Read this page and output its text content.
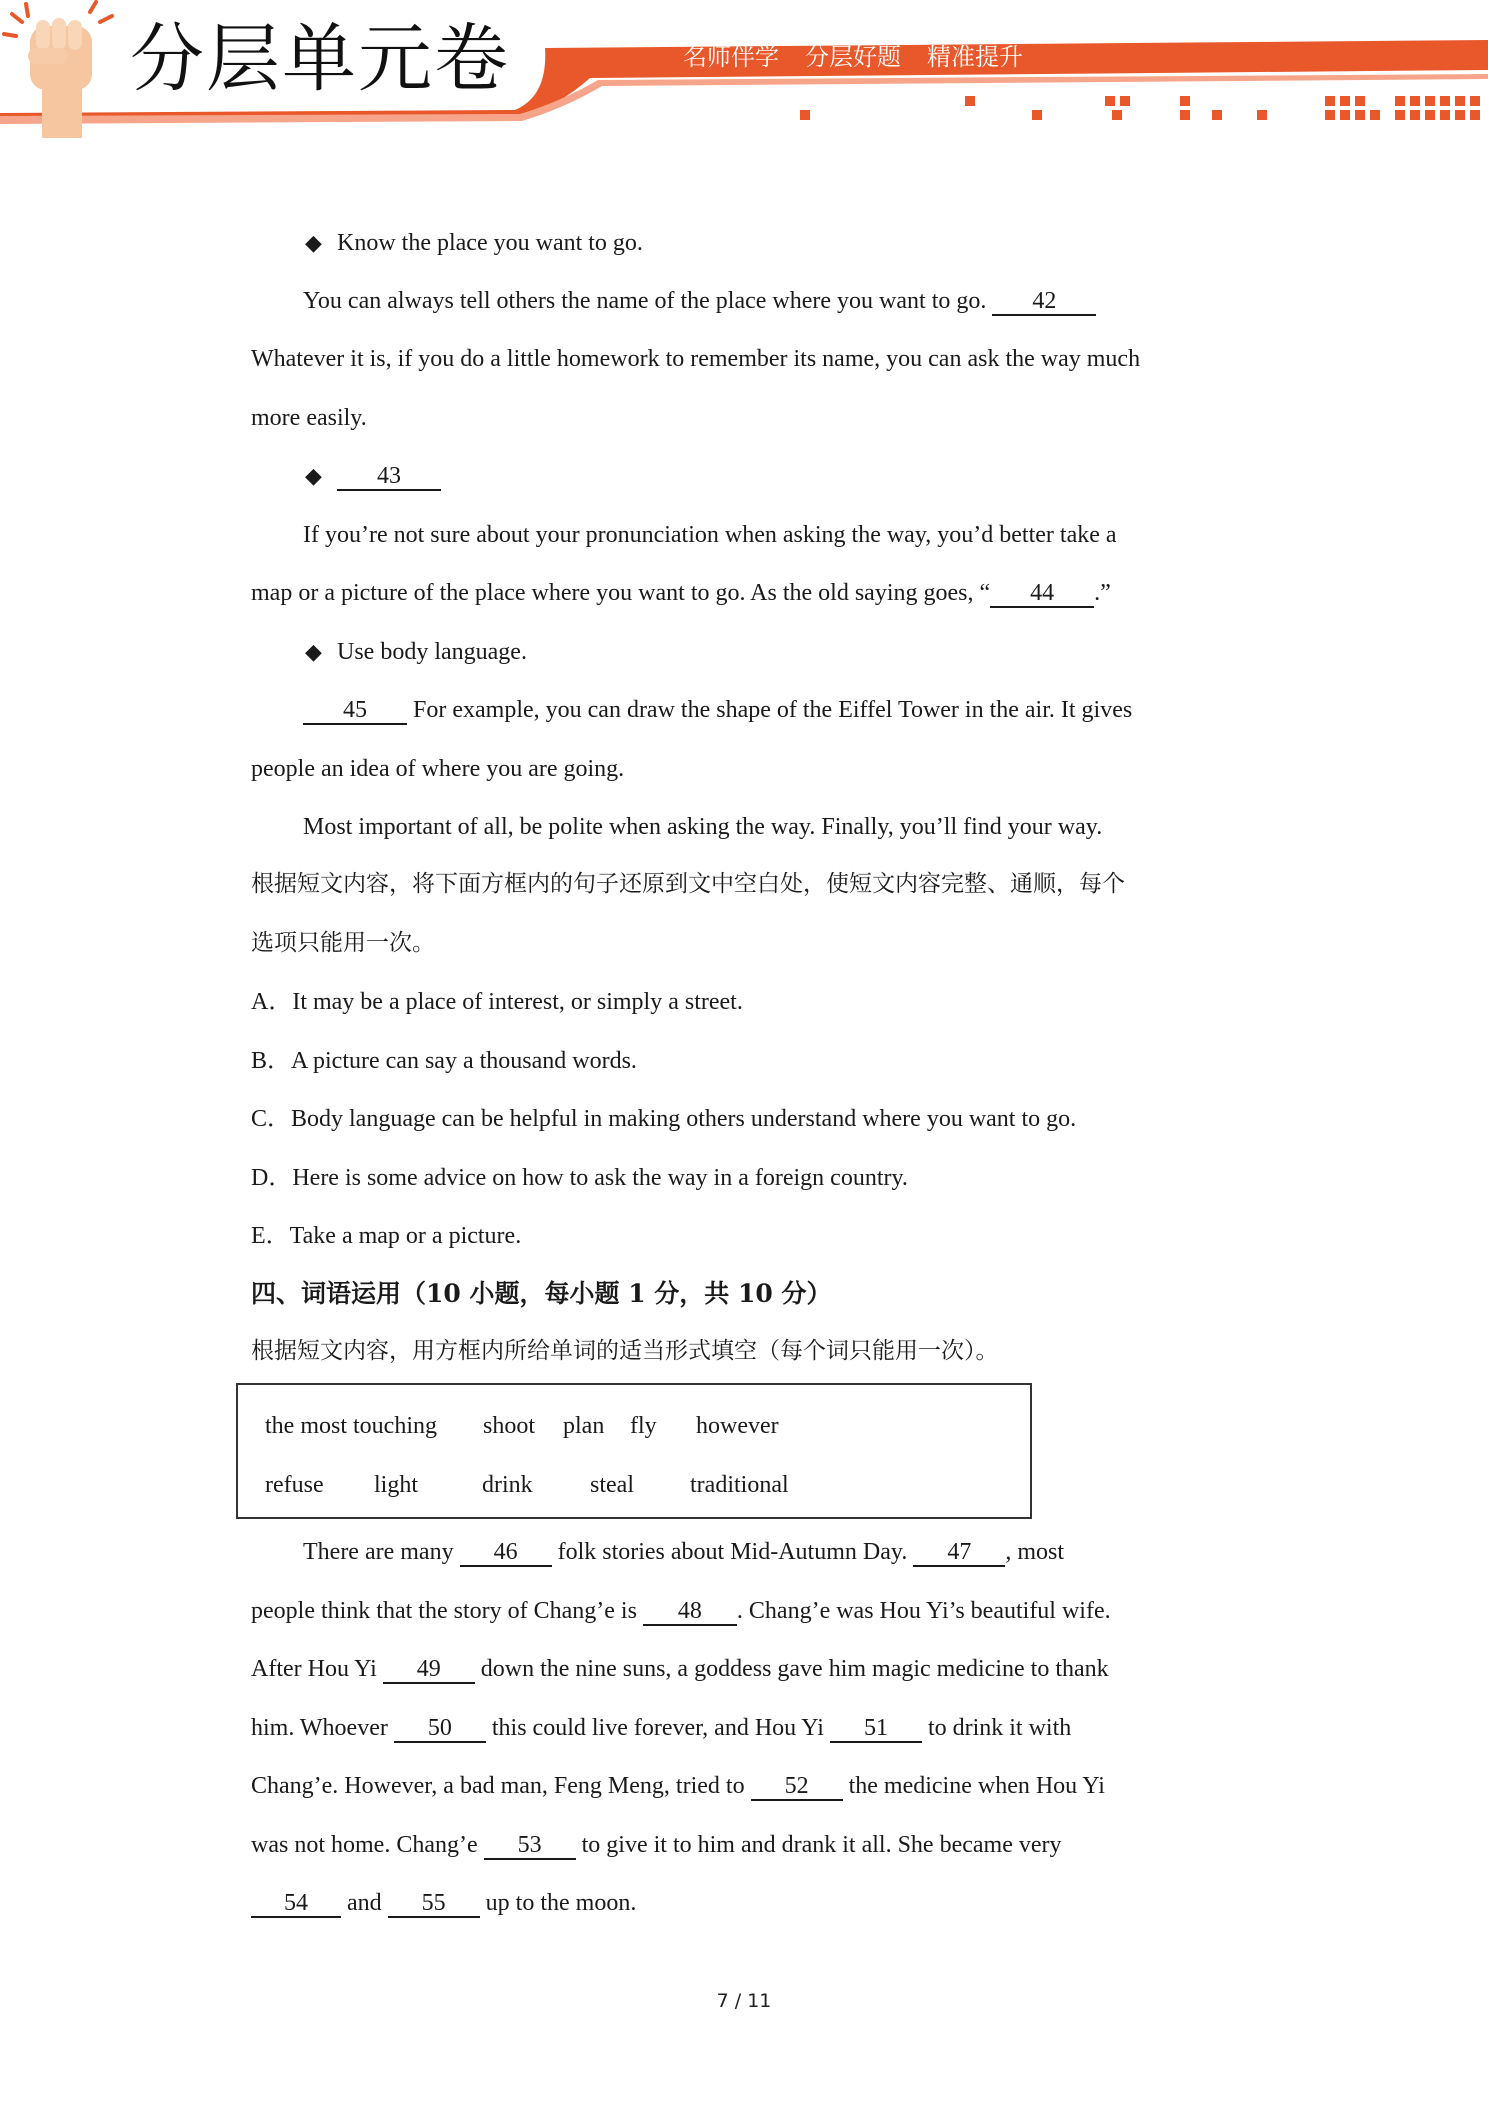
分层单元卷	名师伴学 分层好题 精准提升
◆ Know the place you want to go.
You can always tell others the name of the place where you want to go. 42
Whatever it is, if you do a little homework to remember its name, you can ask the way much
more easily.
◆ 43
If you’re not sure about your pronunciation when asking the way, you’d better take a
map or a picture of the place where you want to go. As the old saying goes, “ 44 .”
◆ Use body language.
45 For example, you can draw the shape of the Eiffel Tower in the air. It gives
people an idea of where you are going.
Most important of all, be polite when asking the way. Finally, you’ll find your way.
根据短文内容，将下面方框内的句子还原到文中空白处，使短文内容完整、通顺，每个
选项只能用一次。
A．It may be a place of interest, or simply a street.
B．A picture can say a thousand words.
C．Body language can be helpful in making others understand where you want to go.
D．Here is some advice on how to ask the way in a foreign country.
E．Take a map or a picture.
四、词语运用（10 小题，每小题 1 分，共 10 分）
根据短文内容，用方框内所给单词的适当形式填空（每个词只能用一次）。
the most touching shoot plan fly however
refuse light	drink steal traditional
There are many 46 folk stories about Mid-Autumn Day. 47 , most
people think that the story of Chang’e is 48 . Chang’e was Hou Yi’s beautiful wife.
After Hou Yi 49 down the nine suns, a goddess gave him magic medicine to thank
him. Whoever 50 this could live forever, and Hou Yi 51 to drink it with
Chang’e. However, a bad man, Feng Meng, tried to 52 the medicine when Hou Yi
was not home. Chang’e 53 to give it to him and drank it all. She became very
54 and 55 up to the moon.
7 / 11
